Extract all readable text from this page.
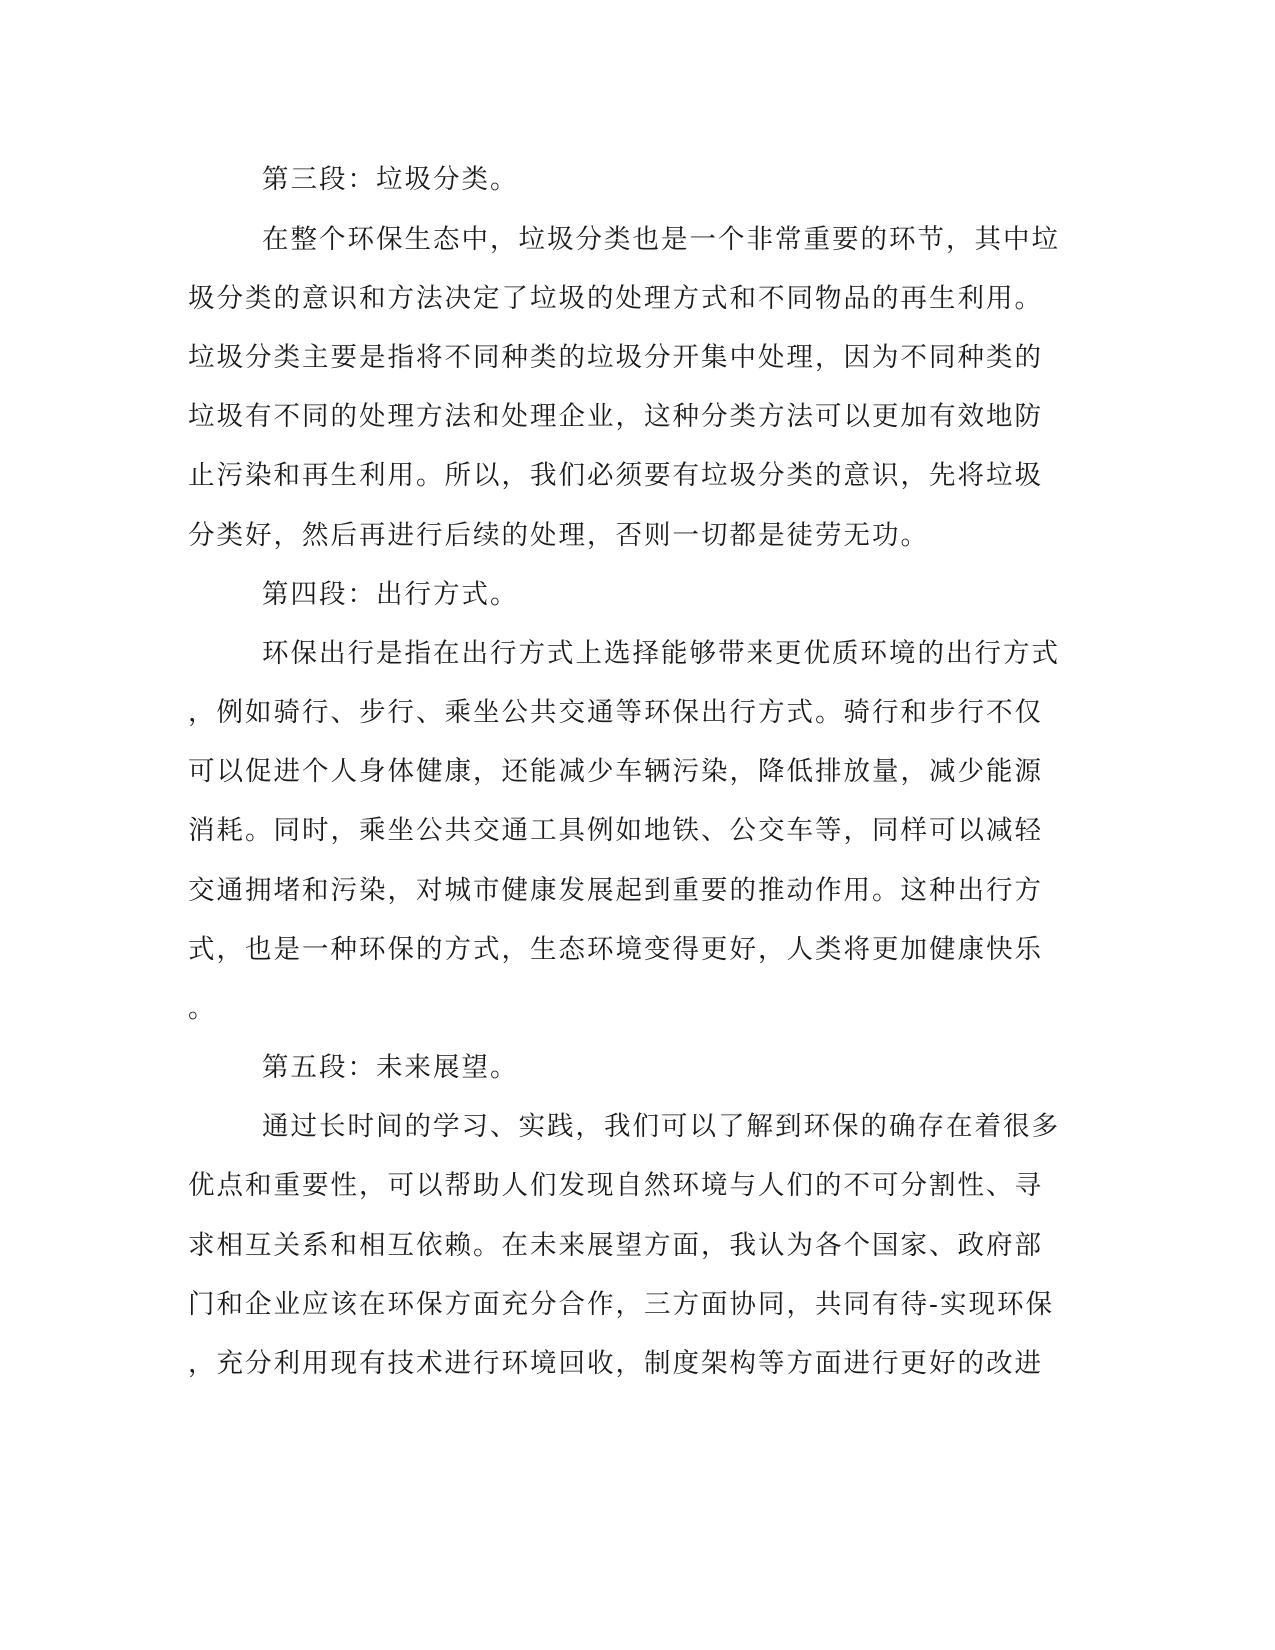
第三段：垃圾分类。

在整个环保生态中，垃圾分类也是一个非常重要的环节，其中垃

圾分类的意识和方法决定了垃圾的处理方式和不同物品的再生利用。

垃圾分类主要是指将不同种类的垃圾分开集中处理，因为不同种类的

垃圾有不同的处理方法和处理企业，这种分类方法可以更加有效地防

止污染和再生利用。所以，我们必须要有垃圾分类的意识，先将垃圾

分类好，然后再进行后续的处理，否则一切都是徒劳无功。

第四段：出行方式。

环保出行是指在出行方式上选择能够带来更优质环境的出行方式

，例如骑行、步行、乘坐公共交通等环保出行方式。骑行和步行不仅

可以促进个人身体健康，还能减少车辆污染，降低排放量，减少能源

消耗。同时，乘坐公共交通工具例如地铁、公交车等，同样可以减轻

交通拥堵和污染，对城市健康发展起到重要的推动作用。这种出行方

式，也是一种环保的方式，生态环境变得更好，人类将更加健康快乐

。

第五段：未来展望。

通过长时间的学习、实践，我们可以了解到环保的确存在着很多

优点和重要性，可以帮助人们发现自然环境与人们的不可分割性、寻

求相互关系和相互依赖。在未来展望方面，我认为各个国家、政府部

门和企业应该在环保方面充分合作，三方面协同，共同有待-实现环保

，充分利用现有技术进行环境回收，制度架构等方面进行更好的改进
